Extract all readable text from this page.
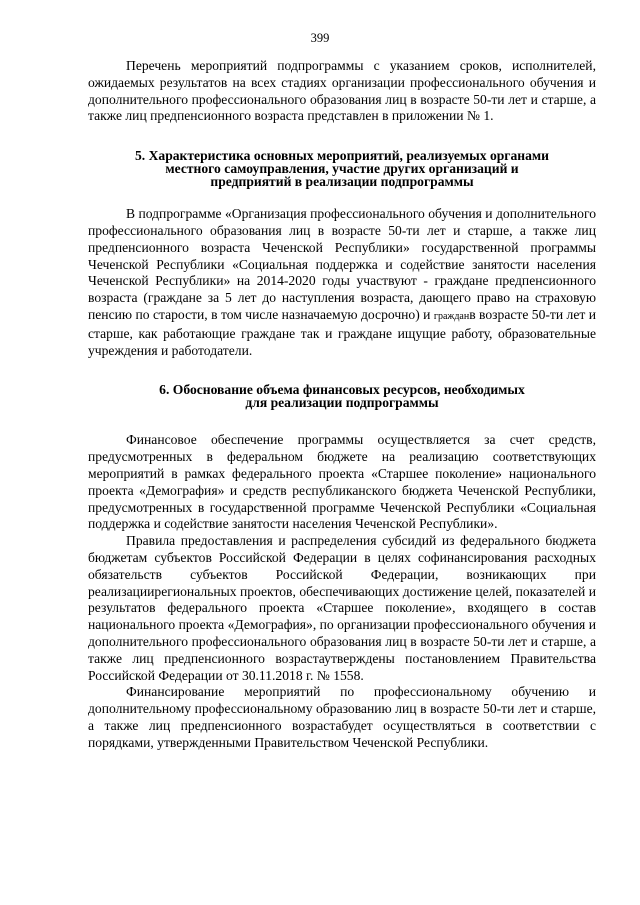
399

Перечень мероприятий подпрограммы с указанием сроков, исполнителей, ожидаемых результатов на всех стадиях организации профессионального обучения и дополнительного профессионального образования лиц в возрасте 50-ти лет и старше, а также лиц предпенсионного возраста представлен в приложении № 1.

5. Характеристика основных мероприятий, реализуемых органами
местного самоуправления, участие других организаций и
предприятий в реализации подпрограммы

В подпрограмме «Организация профессионального обучения и дополнительного профессионального образования лиц в возрасте 50-ти лет и старше, а также лиц предпенсионного возраста Чеченской Республики» государственной программы Чеченской Республики «Социальная поддержка и содействие занятости населения Чеченской Республики» на 2014-2020 годы участвуют - граждане предпенсионного возраста (граждане за 5 лет до наступления возраста, дающего право на страховую пенсию по старости, в том числе назначаемую досрочно) и гражданв возрасте 50-ти лет и старше, как работающие граждане так и граждане ищущие работу, образовательные учреждения и работодатели.

6. Обоснование объема финансовых ресурсов, необходимых
для реализации подпрограммы

Финансовое обеспечение программы осуществляется за счет средств, предусмотренных в федеральном бюджете на реализацию соответствующих мероприятий в рамках федерального проекта «Старшее поколение» национального проекта «Демография» и средств республиканского бюджета Чеченской Республики, предусмотренных в государственной программе Чеченской Республики «Социальная поддержка и содействие занятости населения Чеченской Республики».

Правила предоставления и распределения субсидий из федерального бюджета бюджетам субъектов Российской Федерации в целях софинансирования расходных обязательств субъектов Российской Федерации, возникающих при реализациирегиональных проектов, обеспечивающих достижение целей, показателей и результатов федерального проекта «Старшее поколение», входящего в состав национального проекта «Демография», по организации профессионального обучения и дополнительного профессионального образования лиц в возрасте 50-ти лет и старше, а также лиц предпенсионного возрастаутверждены постановлением Правительства Российской Федерации от 30.11.2018 г. № 1558.

Финансирование мероприятий по профессиональному обучению и дополнительному профессиональному образованию лиц в возрасте 50-ти лет и старше, а также лиц предпенсионного возрастабудет осуществляться в соответствии с порядками, утвержденными Правительством Чеченской Республики.
